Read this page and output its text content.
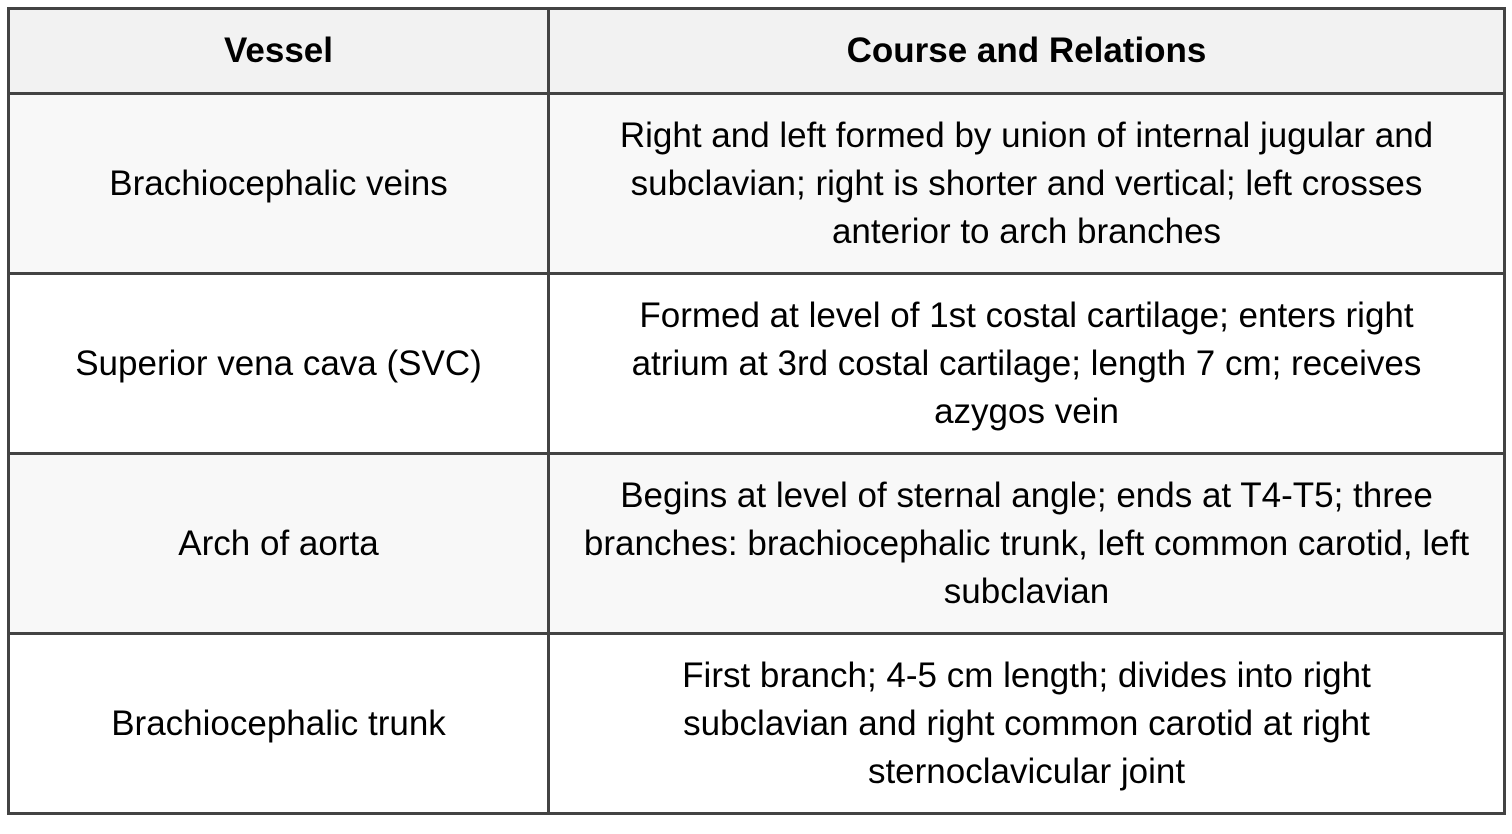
Vessel	Course and Relations
Brachiocephalic veins	Right and left formed by union of internal jugular and subclavian; right is shorter and vertical; left crosses anterior to arch branches
Superior vena cava (SVC)	Formed at level of 1st costal cartilage; enters right atrium at 3rd costal cartilage; length 7 cm; receives azygos vein
Arch of aorta	Begins at level of sternal angle; ends at T4-T5; three branches: brachiocephalic trunk, left common carotid, left subclavian
Brachiocephalic trunk	First branch; 4-5 cm length; divides into right subclavian and right common carotid at right sternoclavicular joint
